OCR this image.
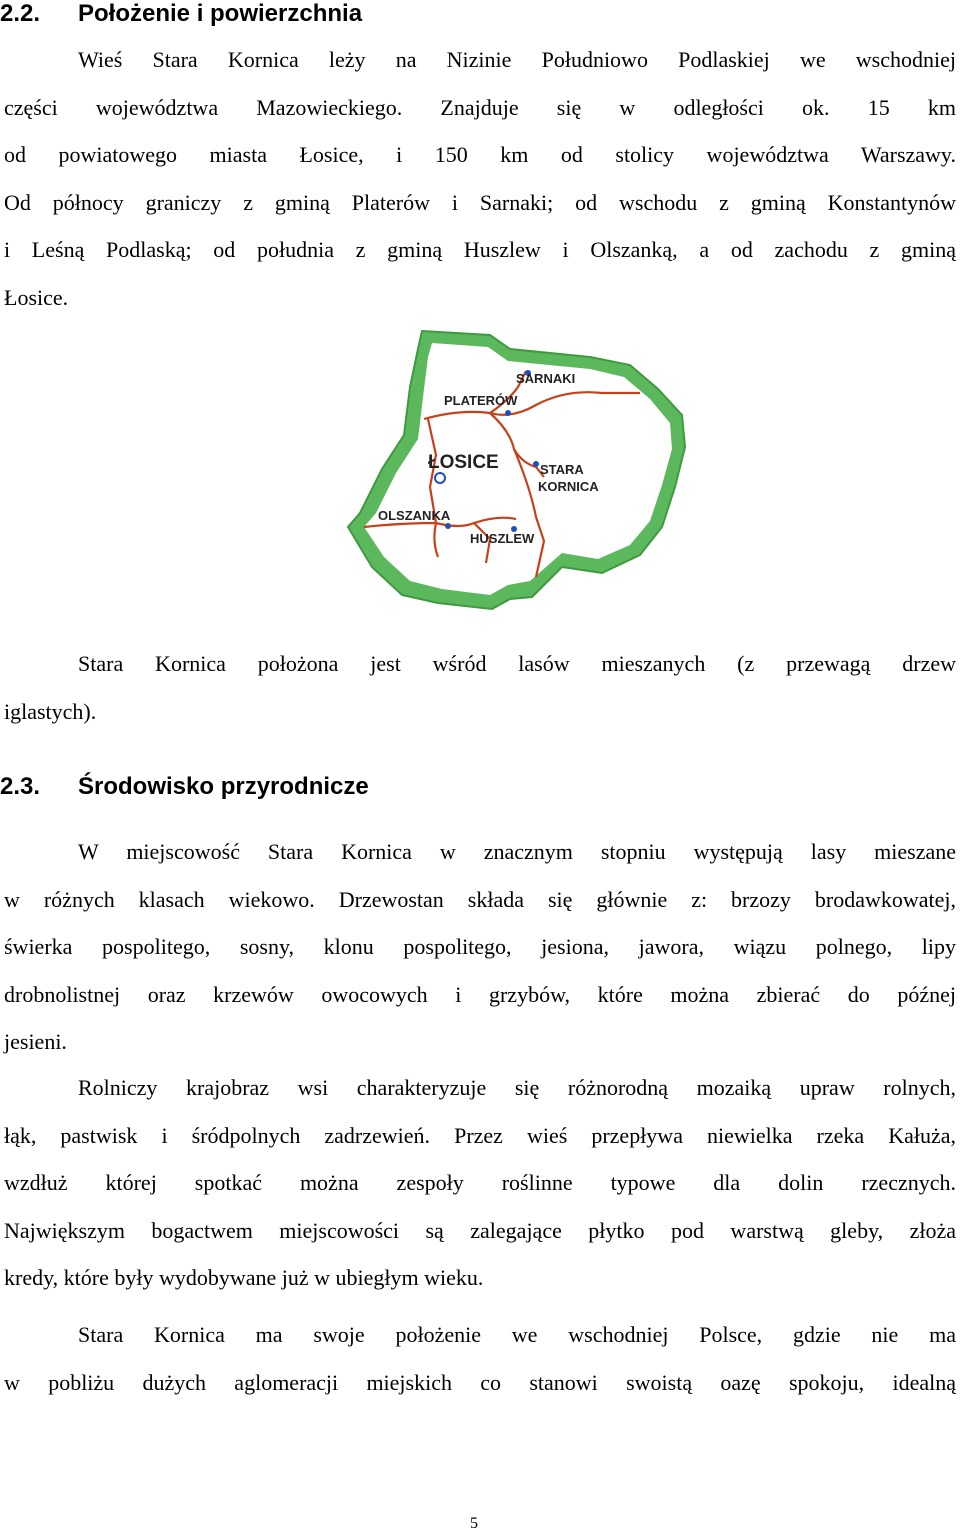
2.2. Położenie i powierzchnia
Wieś Stara Kornica leży na Nizinie Południowo Podlaskiej we wschodniej
części województwa Mazowieckiego. Znajduje się w odległości ok. 15 km
od powiatowego miasta Łosice, i 150 km od stolicy województwa Warszawy.
Od północy graniczy z gminą Platerów i Sarnaki; od wschodu z gminą Konstantynów
i Leśną Podlaską; od południa z gminą Huszlew i Olszanką, a od zachodu z gminą
Łosice.
SARNAKI
PLATERÓW
ŁOSICE	STARA
KORNICA
OLSZANKA
HUSZLEW
Stara Kornica położona jest wśród lasów mieszanych (z przewagą drzew
iglastych).
2.3. Środowisko przyrodnicze
W miejscowość Stara Kornica w znacznym stopniu występują lasy mieszane
w różnych klasach wiekowo. Drzewostan składa się głównie z: brzozy brodawkowatej,
świerka pospolitego, sosny, klonu pospolitego, jesiona, jawora, wiązu polnego, lipy
drobnolistnej oraz krzewów owocowych i grzybów, które można zbierać do późnej
jesieni.
Rolniczy krajobraz wsi charakteryzuje się różnorodną mozaiką upraw rolnych,
łąk, pastwisk i śródpolnych zadrzewień. Przez wieś przepływa niewielka rzeka Kałuża,
wzdłuż której spotkać można zespoły roślinne typowe dla dolin rzecznych.
Największym bogactwem miejscowości są zalegające płytko pod warstwą gleby, złoża
kredy, które były wydobywane już w ubiegłym wieku.
Stara Kornica ma swoje położenie we wschodniej Polsce, gdzie nie ma
w pobliżu dużych aglomeracji miejskich co stanowi swoistą oazę spokoju, idealną
5
